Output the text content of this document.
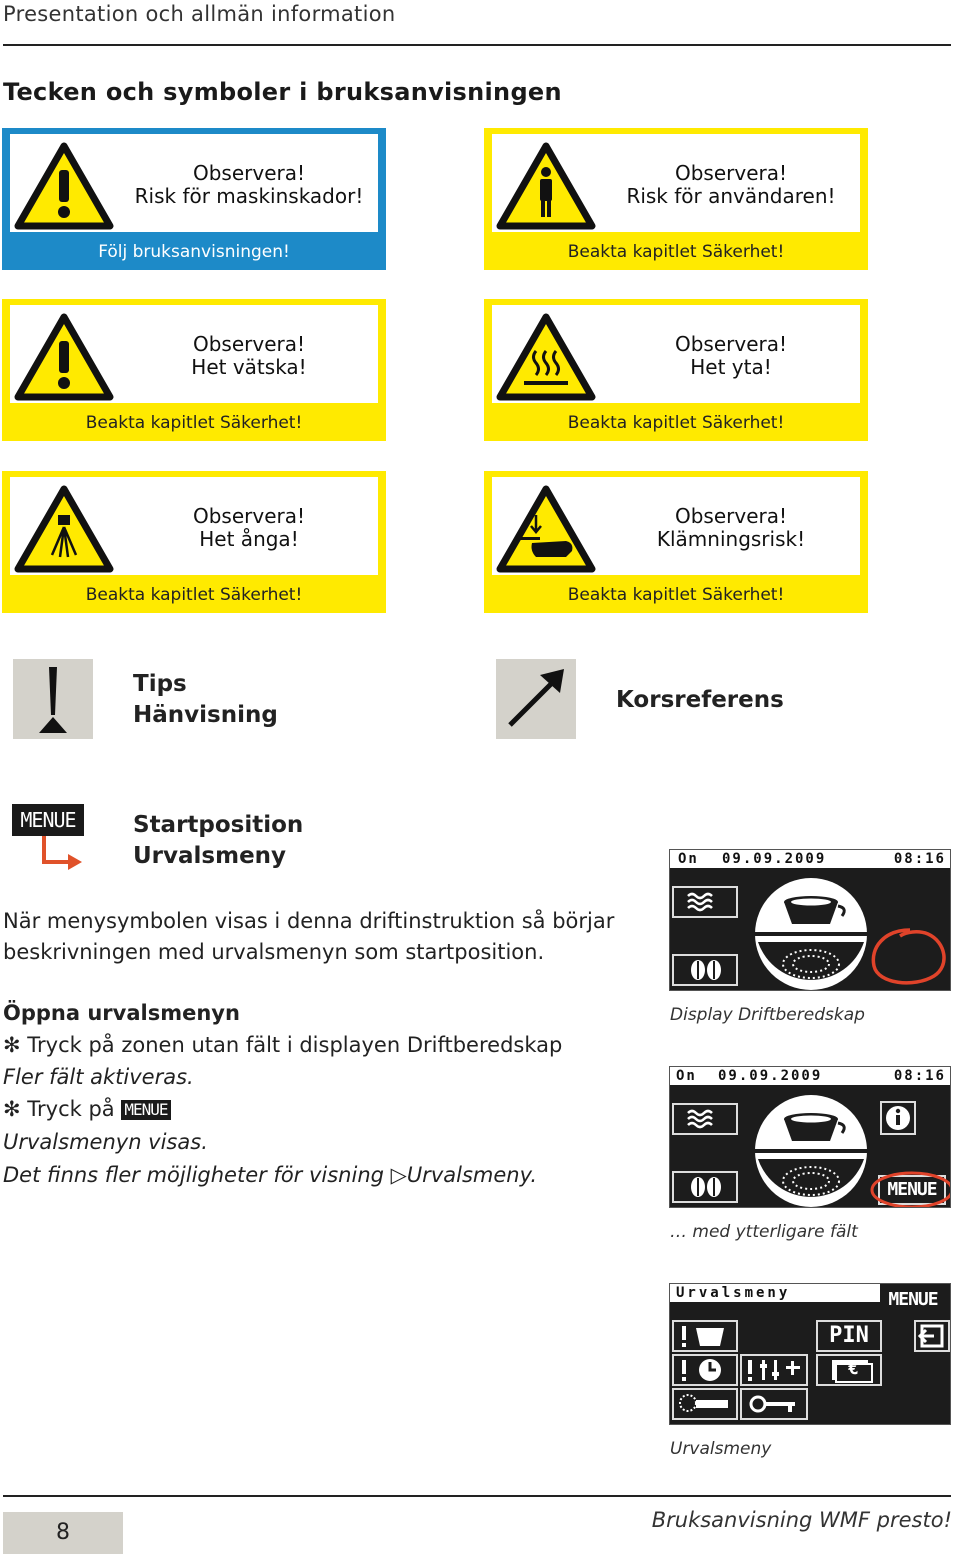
Presentation och allmän information
Tecken och symboler i bruksanvisningen
Observera!
Risk för maskinskador!
Följ bruksanvisningen!
Observera!
Risk för användaren!
Beakta kapitlet Säkerhet!
Observera!
Het vätska!
Beakta kapitlet Säkerhet!
Observera!
Het yta!
Beakta kapitlet Säkerhet!
Observera!
Het ånga!
Beakta kapitlet Säkerhet!
Observera!
Klämningsrisk!
Beakta kapitlet Säkerhet!
Tips
Hänvisning
Korsreferens
MENUE	Startposition
Urvalsmeny
När menysymbolen visas i denna driftinstruktion så börjar
beskrivningen med urvalsmenyn som startposition.
Öppna urvalsmenyn
✻ Tryck på zonen utan fält i displayen Driftberedskap
Fler fält aktiveras.
✻ Tryck på MENUE
Urvalsmenyn visas.
Det finns fler möjligheter för visning ▷Urvalsmeny.
On 09.09.2009	08:16
Display Driftberedskap
On 09.09.2009	08:16
MENUE
… med ytterligare fält
Urvalsmeny	MENUE
PIN
€
Urvalsmeny
8	Bruksanvisning WMF presto!
